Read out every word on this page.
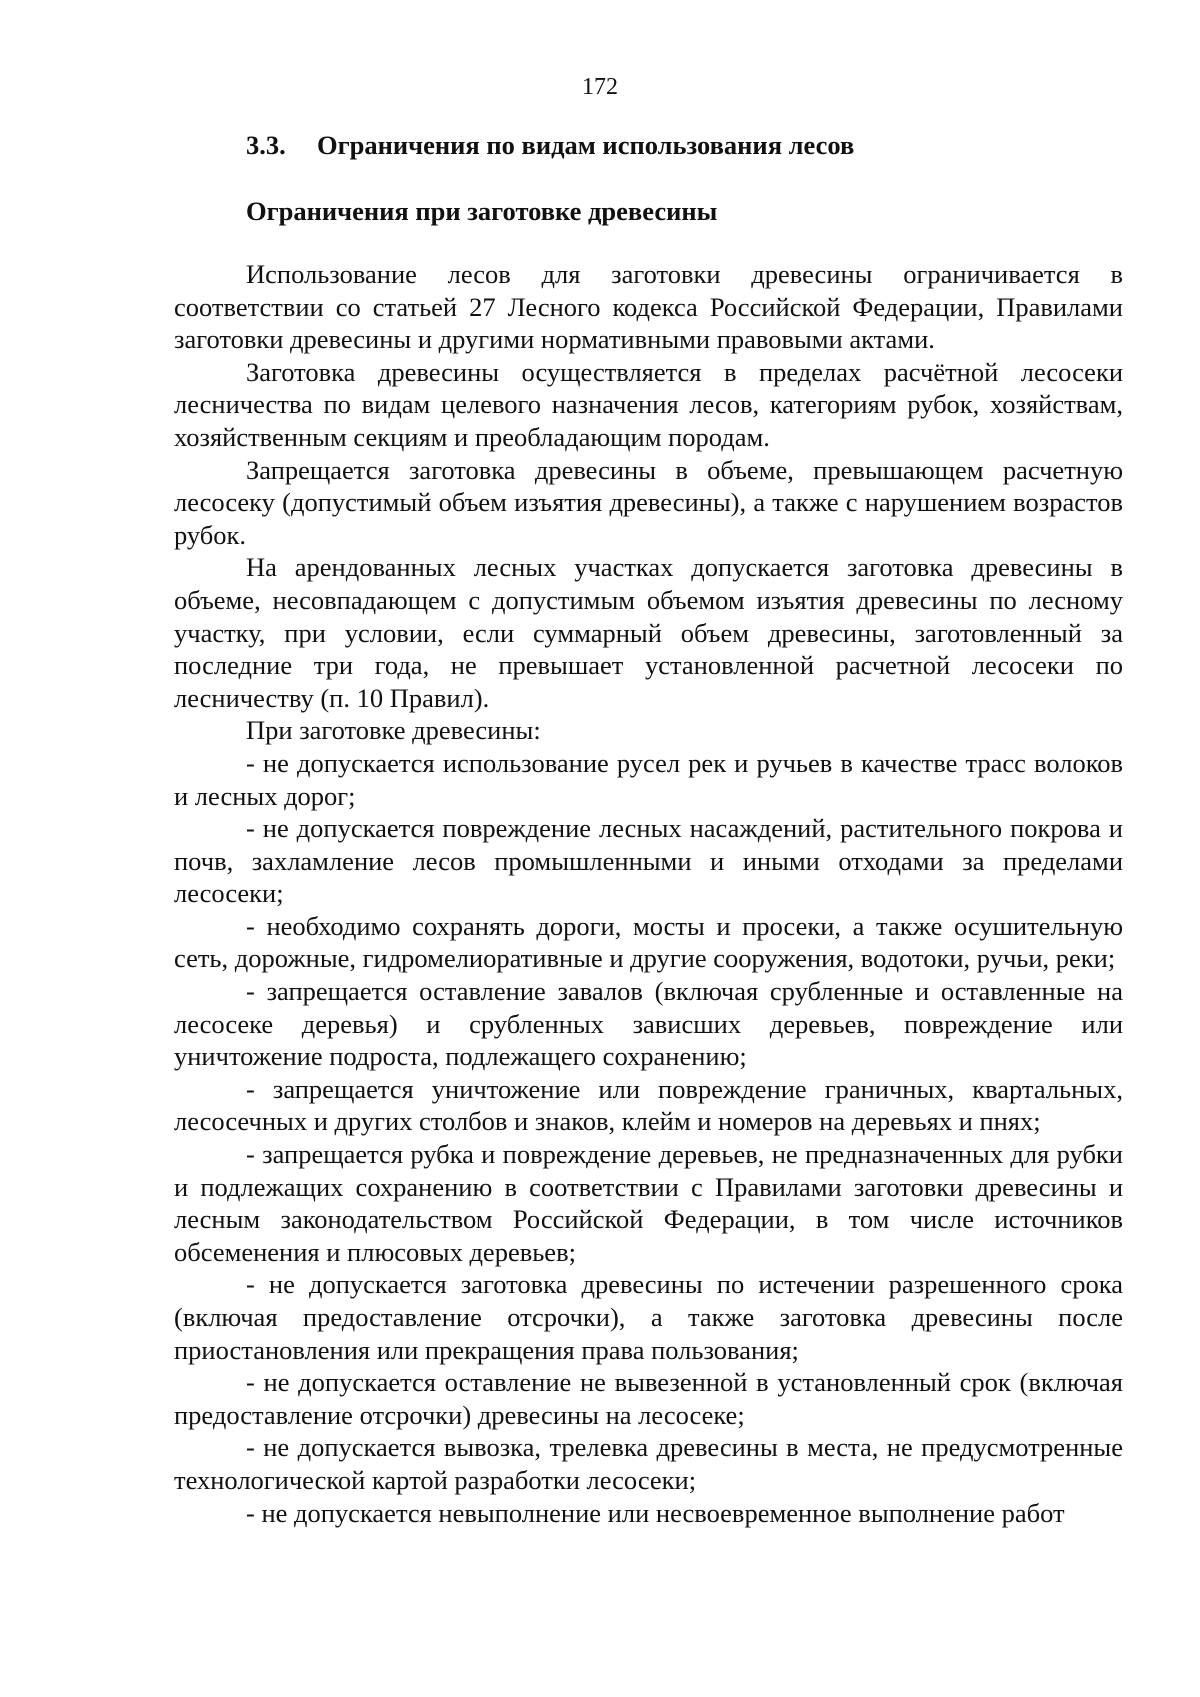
172
3.3. Ограничения по видам использования лесов
Ограничения при заготовке древесины

Использование лесов для заготовки древесины ограничивается в соответствии со статьей 27 Лесного кодекса Российской Федерации, Правилами заготовки древесины и другими нормативными правовыми актами.

Заготовка древесины осуществляется в пределах расчётной лесосеки лесничества по видам целевого назначения лесов, категориям рубок, хозяйствам, хозяйственным секциям и преобладающим породам.

Запрещается заготовка древесины в объеме, превышающем расчетную лесосеку (допустимый объем изъятия древесины), а также с нарушением возрастов рубок.

На арендованных лесных участках допускается заготовка древесины в объеме, несовпадающем с допустимым объемом изъятия древесины по лесному участку, при условии, если суммарный объем древесины, заготовленный за последние три года, не превышает установленной расчетной лесосеки по лесничеству (п. 10 Правил).

При заготовке древесины:

- не допускается использование русел рек и ручьев в качестве трасс волоков и лесных дорог;

- не допускается повреждение лесных насаждений, растительного покрова и почв, захламление лесов промышленными и иными отходами за пределами лесосеки;

- необходимо сохранять дороги, мосты и просеки, а также осушительную сеть, дорожные, гидромелиоративные и другие сооружения, водотоки, ручьи, реки;

- запрещается оставление завалов (включая срубленные и оставленные на лесосеке деревья) и срубленных зависших деревьев, повреждение или уничтожение подроста, подлежащего сохранению;

- запрещается уничтожение или повреждение граничных, квартальных, лесосечных и других столбов и знаков, клейм и номеров на деревьях и пнях;

- запрещается рубка и повреждение деревьев, не предназначенных для рубки и подлежащих сохранению в соответствии с Правилами заготовки древесины и лесным законодательством Российской Федерации, в том числе источников обсеменения и плюсовых деревьев;

- не допускается заготовка древесины по истечении разрешенного срока (включая предоставление отсрочки), а также заготовка древесины после приостановления или прекращения права пользования;

- не допускается оставление не вывезенной в установленный срок (включая предоставление отсрочки) древесины на лесосеке;

- не допускается вывозка, трелевка древесины в места, не предусмотренные технологической картой разработки лесосеки;

- не допускается невыполнение или несвоевременное выполнение работ
